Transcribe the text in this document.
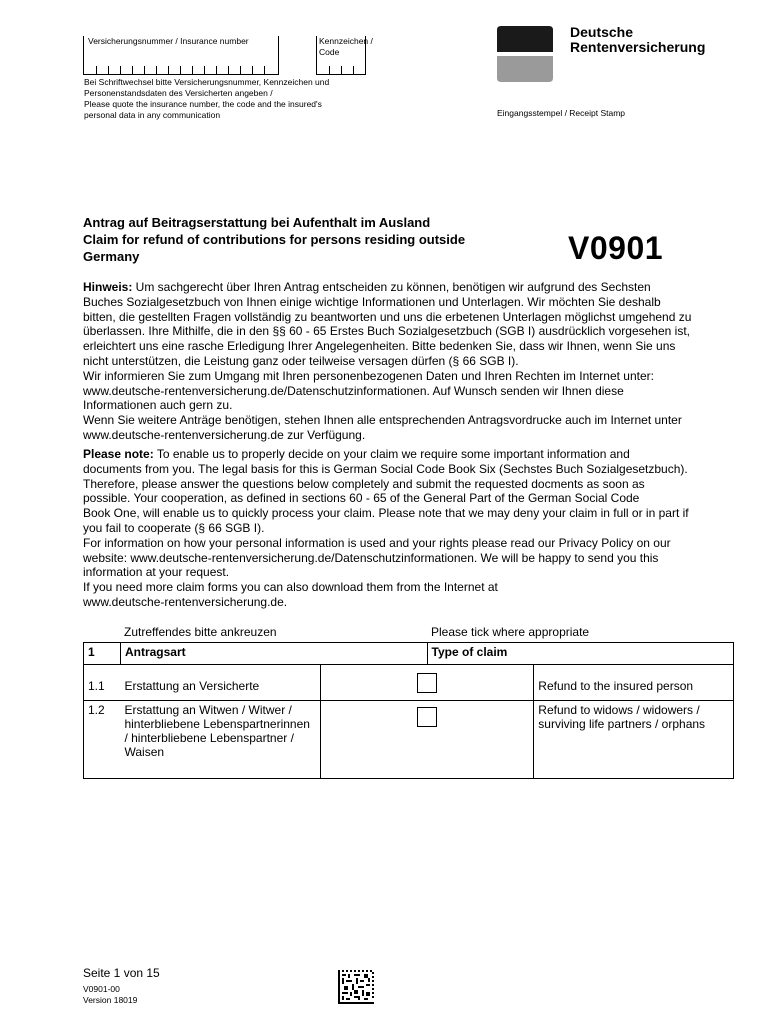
Versicherungsnummer / Insurance number	Kennzeichen / Code
Bei Schriftwechsel bitte Versicherungsnummer, Kennzeichen und
Personenstandsdaten des Versicherten angeben /
Please quote the insurance number, the code and the insured's
personal data in any communication
Deutsche
Rentenversicherung
Eingangsstempel / Receipt Stamp
Antrag auf Beitragserstattung bei Aufenthalt im Ausland
Claim for refund of contributions for persons residing outside
Germany	V0901
Hinweis: Um sachgerecht über Ihren Antrag entscheiden zu können, benötigen wir aufgrund des Sechsten
Buches Sozialgesetzbuch von Ihnen einige wichtige Informationen und Unterlagen. Wir möchten Sie deshalb
bitten, die gestellten Fragen vollständig zu beantworten und uns die erbetenen Unterlagen möglichst umgehend zu
überlassen. Ihre Mithilfe, die in den §§ 60 - 65 Erstes Buch Sozialgesetzbuch (SGB I) ausdrücklich vorgesehen ist,
erleichtert uns eine rasche Erledigung Ihrer Angelegenheiten. Bitte bedenken Sie, dass wir Ihnen, wenn Sie uns
nicht unterstützen, die Leistung ganz oder teilweise versagen dürfen (§ 66 SGB I).
Wir informieren Sie zum Umgang mit Ihren personenbezogenen Daten und Ihren Rechten im Internet unter:
www.deutsche-rentenversicherung.de/Datenschutzinformationen. Auf Wunsch senden wir Ihnen diese
Informationen auch gern zu.
Wenn Sie weitere Anträge benötigen, stehen Ihnen alle entsprechenden Antragsvordrucke auch im Internet unter
www.deutsche-rentenversicherung.de zur Verfügung.
Please note: To enable us to properly decide on your claim we require some important information and
documents from you. The legal basis for this is German Social Code Book Six (Sechstes Buch Sozialgesetzbuch).
Therefore, please answer the questions below completely and submit the requested docments as soon as
possible. Your cooperation, as defined in sections 60 - 65 of the General Part of the German Social Code
Book One, will enable us to quickly process your claim. Please note that we may deny your claim in full or in part if
you fail to cooperate (§ 66 SGB I).
For information on how your personal information is used and your rights please read our Privacy Policy on our
website: www.deutsche-rentenversicherung.de/Datenschutzinformationen. We will be happy to send you this
information at your request.
If you need more claim forms you can also download them from the Internet at
www.deutsche-rentenversicherung.de.
Zutreffendes bitte ankreuzen	Please tick where appropriate
1	Antragsart		Type of claim	
1.1	Erstattung an Versicherte			Refund to the insured person
1.2	Erstattung an Witwen / Witwer / hinterbliebene Lebenspartnerinnen / hinterbliebene Lebenspartner / Waisen			Refund to widows / widowers / surviving life partners / orphans
Seite 1 von 15
V0901-00
Version 18019
